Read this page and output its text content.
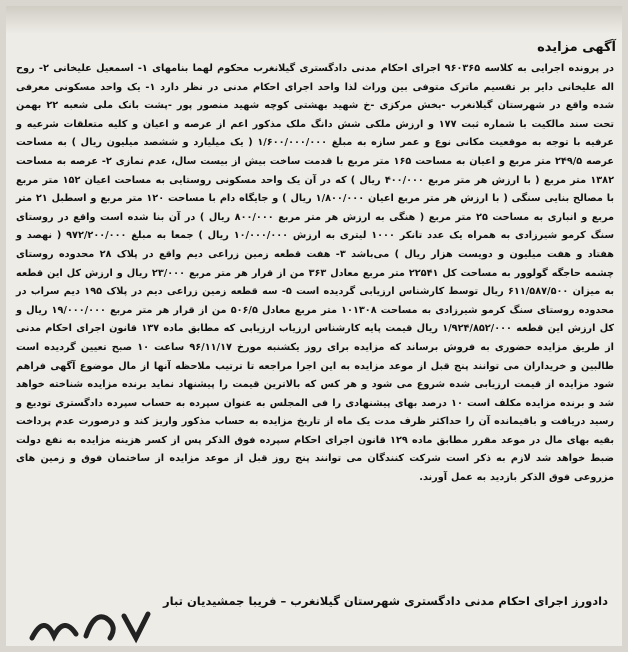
آگهی مزایده

در پرونده اجرایی به کلاسه ۹۶۰۳۶۵ اجرای احکام مدنی دادگستری گیلانغرب محکوم لهما بنامهای ۱- اسمعیل علیخانی ۲- روح اله علیخانی دایر بر تقسیم ماترک متوفی بین وراث لذا واحد اجرای احکام مدنی در نظر دارد ۱- یک واحد مسکونی معرفی شده واقع در شهرستان گیلانغرب -بخش مرکزی -خ شهید بهشتی کوچه شهید منصور پور -پشت بانک ملی شعبه ۲۲ بهمن تحت سند مالکیت با شماره ثبت ۱۷۷ و ارزش ملکی شش دانگ ملک مذکور اعم از عرصه و اعیان و کلیه متعلقات شرعیه و عرفیه با توجه به موقعیت مکانی نوع و عمر سازه به مبلغ ۱/۶۰۰/۰۰۰/۰۰۰ ( یک میلیارد و ششصد میلیون ریال ) به مساحت عرصه ۲۴۹/۵ متر مربع و اعیان به مساحت ۱۶۵ متر مربع با قدمت ساخت بیش از بیست سال، عدم نمازی ۲- عرصه به مساحت ۱۳۸۲ متر مربع ( با ارزش هر متر مربع ۴۰۰/۰۰۰ ریال ) که در آن یک واحد مسکونی روستایی به مساحت اعیان ۱۵۲ متر مربع با مصالح بنایی سنگی ( با ارزش هر متر مربع اعیان ۱/۸۰۰/۰۰۰ ریال ) و جایگاه دام با مساحت ۱۲۰ متر مربع و اسطبل ۲۱ متر مربع و انباری به مساحت ۲۵ متر مربع ( هنگی به ارزش هر متر مربع ۸۰۰/۰۰۰ ریال ) در آن بنا شده است واقع در روستای سنگ کرمو شیرزادی به همراه یک عدد تانکر ۱۰۰۰ لیتری به ارزش ۱۰/۰۰۰/۰۰۰ ریال ) جمعا به مبلغ ۹۷۲/۲۰۰/۰۰۰ ( نهصد و هفتاد و هفت میلیون و دویست هزار ریال ) می‌باشد ۳- هفت قطعه زمین زراعی دیم واقع در پلاک ۲۸ محدوده روستای چشمه حاجگه گولوور به مساحت کل ۲۲۵۴۱ متر مربع معادل ۳۶۳ من از قرار هر متر مربع ۲۳/۰۰۰ ریال و ارزش کل این قطعه به میزان ۶۱۱/۵۸۷/۵۰۰ ریال توسط کارشناس ارزیابی گردیده است ۵- سه قطعه زمین زراعی دیم در پلاک ۱۹۵ دیم سراب در محدوده روستای سنگ کرمو شیرزادی به مساحت ۱۰۱۳۰۸ متر مربع معادل ۵۰۶/۵ من از قرار هر متر مربع ۱۹/۰۰۰/۰۰۰ ریال و کل ارزش این قطعه ۱/۹۲۴/۸۵۲/۰۰۰ ریال قیمت پایه کارشناس ارزیاب ارزیابی که مطابق ماده ۱۳۷ قانون اجرای احکام مدنی از طریق مزایده حضوری به فروش برساند که مزایده برای روز یکشنبه مورخ ۹۶/۱۱/۱۷ ساعت ۱۰ صبح تعیین گردیده است طالبین و خریداران می توانند پنج قبل از موعد مزایده به این اجرا مراجعه تا ترتیب ملاحظه آنها از مال موضوع آگهی فراهم شود مزایده از قیمت ارزیابی شده شروع می شود و هر کس که بالاترین قیمت را پیشنهاد نماید برنده مزایده شناخته خواهد شد و برنده مزایده مکلف است ۱۰ درصد بهای پیشنهادی را فی المجلس به عنوان سپرده به حساب سپرده دادگستری تودیع و رسید دریافت و باقیمانده آن را حداکثر ظرف مدت یک ماه از تاریخ مزایده به حساب مذکور واریز کند و درصورت عدم پرداخت بقیه بهای مال در موعد مقرر مطابق ماده ۱۲۹ قانون اجرای احکام سپرده فوق الذکر پس از کسر هزینه مزایده به نفع دولت ضبط خواهد شد لازم به ذکر است شرکت کنندگان می توانند پنج روز قبل از موعد مزایده از ساختمان فوق و زمین های مزروعی فوق الذکر بازدید به عمل آورند.

دادورز اجرای احکام مدنی دادگستری شهرستان گیلانغرب – فریبا جمشیدیان تبار
